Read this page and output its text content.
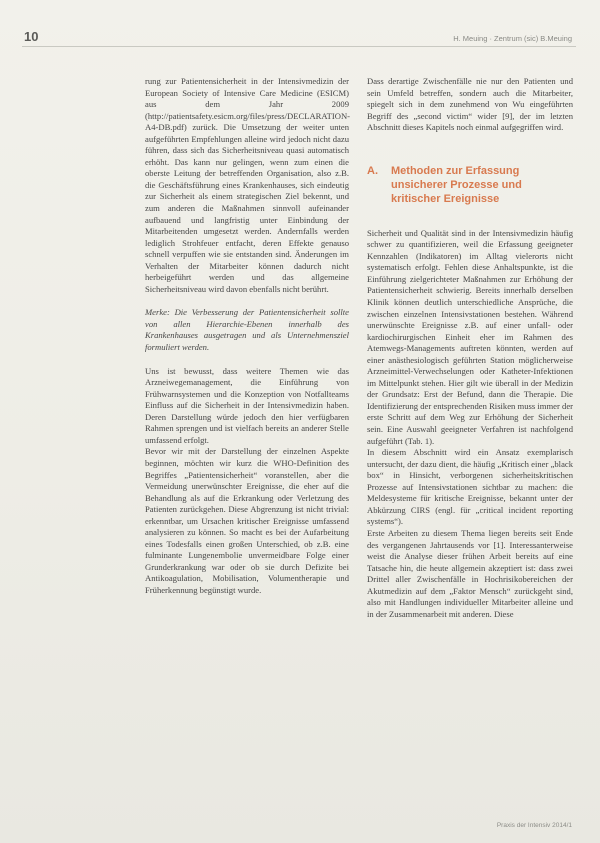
10	H. Meuing · Zentrum (sic) B.Meuing

rung zur Patientensicherheit in der Intensivmedizin der European Society of Intensive Care Medicine (ESICM) aus dem Jahr 2009 (http://patientsafety.esicm.org/files/press/DECLARATION-A4-DB.pdf) zurück. Die Umsetzung der weiter unten aufgeführten Empfehlungen alleine wird jedoch nicht dazu führen, dass sich das Sicherheitsniveau quasi automatisch erhöht. Das kann nur gelingen, wenn zum einen die oberste Leitung der betreffenden Organisation, also z.B. die Geschäftsführung eines Krankenhauses, sich eindeutig zur Sicherheit als einem strategischen Ziel bekennt, und zum anderen die Maßnahmen sinnvoll aufeinander aufbauend und langfristig unter Einbindung der Mitarbeitenden umgesetzt werden. Andernfalls werden lediglich Strohfeuer entfacht, deren Effekte genauso schnell verpuffen wie sie entstanden sind. Änderungen im Verhalten der Mitarbeiter können dadurch nicht herbeigeführt werden und das allgemeine Sicherheitsniveau wird davon ebenfalls nicht berührt.

Merke: Die Verbesserung der Patientensicherheit sollte von allen Hierarchie-Ebenen innerhalb des Krankenhauses ausgetragen und als Unternehmensziel formuliert werden.

Uns ist bewusst, dass weitere Themen wie das Arzneiwegemanagement, die Einführung von Frühwarnsystemen und die Konzeption von Notfallteams Einfluss auf die Sicherheit in der Intensivmedizin haben. Deren Darstellung würde jedoch den hier verfügbaren Rahmen sprengen und ist vielfach bereits an anderer Stelle umfassend erfolgt.

Bevor wir mit der Darstellung der einzelnen Aspekte beginnen, möchten wir kurz die WHO-Definition des Begriffes „Patientensicherheit“ voranstellen, aber die Vermeidung unerwünschter Ereignisse, die eher auf die Behandlung als auf die Erkrankung oder Verletzung des Patienten zurückgehen. Diese Abgrenzung ist nicht trivial: erkenntbar, um Ursachen kritischer Ereignisse umfassend analysieren zu können. So macht es bei der Aufarbeitung eines Todesfalls einen großen Unterschied, ob z.B. eine fulminante Lungenembolie unvermeidbare Folge einer Grunderkrankung war oder ob sie durch Defizite bei Antikoagulation, Mobilisation, Volumentherapie und Früherkennung begünstigt wurde.

Dass derartige Zwischenfälle nie nur den Patienten und sein Umfeld betreffen, sondern auch die Mitarbeiter, spiegelt sich in dem zunehmend von Wu eingeführten Begriff des „second victim“ wider [9], der im letzten Abschnitt dieses Kapitels noch einmal aufgegriffen wird.

A.	Methoden zur Erfassung unsicherer Prozesse und kritischer Ereignisse

Sicherheit und Qualität sind in der Intensivmedizin häufig schwer zu quantifizieren, weil die Erfassung geeigneter Kennzahlen (Indikatoren) im Alltag vielerorts nicht systematisch erfolgt. Fehlen diese Anhaltspunkte, ist die Einführung zielgerichteter Maßnahmen zur Erhöhung der Patientensicherheit schwierig. Bereits innerhalb derselben Klinik können deutlich unterschiedliche Ansprüche, die zwischen einzelnen Intensivstationen bestehen. Während unerwünschte Ereignisse z.B. auf einer unfall- oder kardiochirurgischen Einheit eher im Rahmen des Atemwegs-Managements auftreten könnten, werden auf einer anästhesiologisch geführten Station möglicherweise Arzneimittel-Verwechselungen oder Katheter-Infektionen im Mittelpunkt stehen. Hier gilt wie überall in der Medizin der Grundsatz: Erst der Befund, dann die Therapie. Die Identifizierung der entsprechenden Risiken muss immer der erste Schritt auf dem Weg zur Erhöhung der Sicherheit sein. Eine Auswahl geeigneter Verfahren ist nachfolgend aufgeführt (Tab. 1).

In diesem Abschnitt wird ein Ansatz exemplarisch untersucht, der dazu dient, die häufig „Kritisch einer „black box“ in Hinsicht, verborgenen sicherheitskritischen Prozesse auf Intensivstationen sichtbar zu machen: die Meldesysteme für kritische Ereignisse, bekannt unter der Abkürzung CIRS (engl. für „critical incident reporting systems“).

Erste Arbeiten zu diesem Thema liegen bereits seit Ende des vergangenen Jahrtausends vor [1]. Interessanterweise weist die Analyse dieser frühen Arbeit bereits auf eine Tatsache hin, die heute allgemein akzeptiert ist: dass zwei Drittel aller Zwischenfälle in Hochrisikobereichen der Akutmedizin auf dem „Faktor Mensch“ zurückgeht sind, also mit Handlungen individueller Mitarbeiter alleine und in der Zusammenarbeit mit anderen. Diese

Praxis der Intensiv 2014/1
